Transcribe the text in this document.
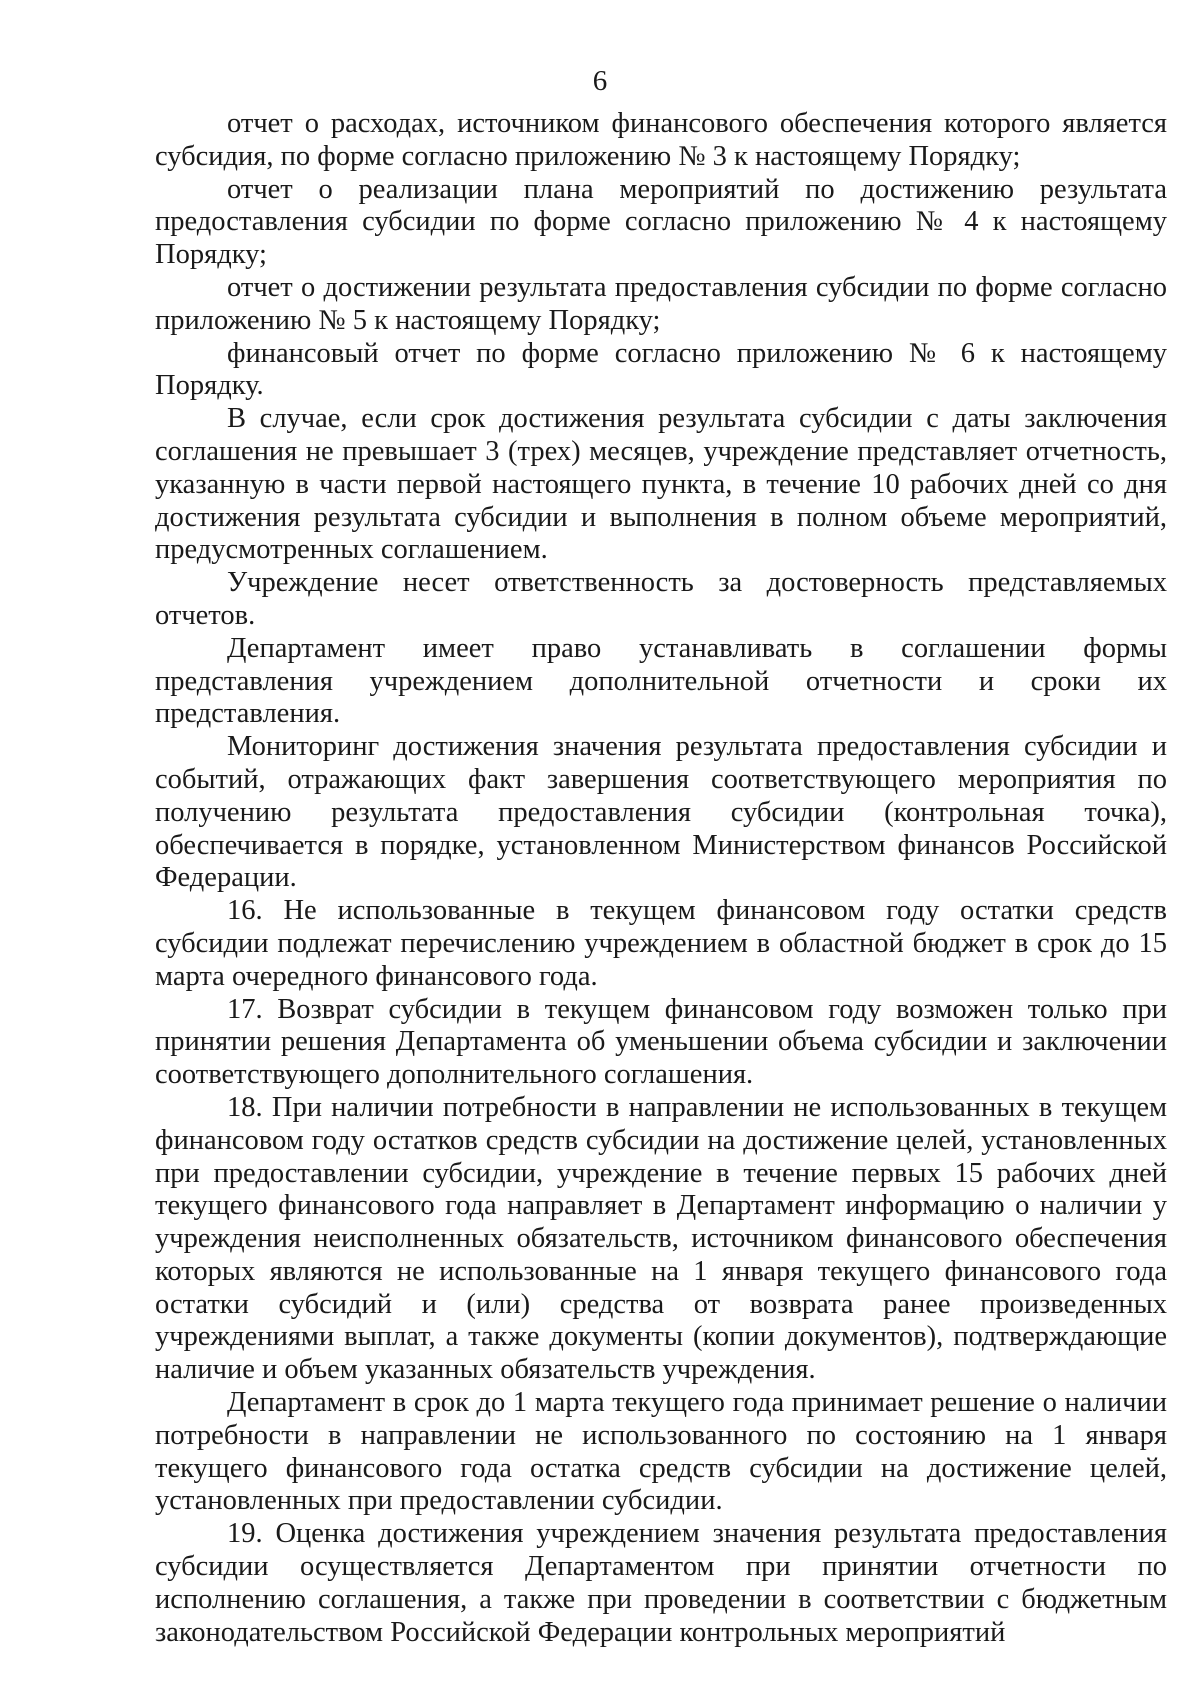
6

отчет о расходах, источником финансового обеспечения которого является субсидия, по форме согласно приложению № 3 к настоящему Порядку;

отчет о реализации плана мероприятий по достижению результата предоставления субсидии по форме согласно приложению № 4 к настоящему Порядку;

отчет о достижении результата предоставления субсидии по форме согласно приложению № 5 к настоящему Порядку;

финансовый отчет по форме согласно приложению № 6 к настоящему Порядку.

В случае, если срок достижения результата субсидии с даты заключения соглашения не превышает 3 (трех) месяцев, учреждение представляет отчетность, указанную в части первой настоящего пункта, в течение 10 рабочих дней со дня достижения результата субсидии и выполнения в полном объеме мероприятий, предусмотренных соглашением.

Учреждение несет ответственность за достоверность представляемых отчетов.

Департамент имеет право устанавливать в соглашении формы представления учреждением дополнительной отчетности и сроки их представления.

Мониторинг достижения значения результата предоставления субсидии и событий, отражающих факт завершения соответствующего мероприятия по получению результата предоставления субсидии (контрольная точка), обеспечивается в порядке, установленном Министерством финансов Российской Федерации.

16. Не использованные в текущем финансовом году остатки средств субсидии подлежат перечислению учреждением в областной бюджет в срок до 15 марта очередного финансового года.

17. Возврат субсидии в текущем финансовом году возможен только при принятии решения Департамента об уменьшении объема субсидии и заключении соответствующего дополнительного соглашения.

18. При наличии потребности в направлении не использованных в текущем финансовом году остатков средств субсидии на достижение целей, установленных при предоставлении субсидии, учреждение в течение первых 15 рабочих дней текущего финансового года направляет в Департамент информацию о наличии у учреждения неисполненных обязательств, источником финансового обеспечения которых являются не использованные на 1 января текущего финансового года остатки субсидий и (или) средства от возврата ранее произведенных учреждениями выплат, а также документы (копии документов), подтверждающие наличие и объем указанных обязательств учреждения.

Департамент в срок до 1 марта текущего года принимает решение о наличии потребности в направлении не использованного по состоянию на 1 января текущего финансового года остатка средств субсидии на достижение целей, установленных при предоставлении субсидии.

19. Оценка достижения учреждением значения результата предоставления субсидии осуществляется Департаментом при принятии отчетности по исполнению соглашения, а также при проведении в соответствии с бюджетным законодательством Российской Федерации контрольных мероприятий
